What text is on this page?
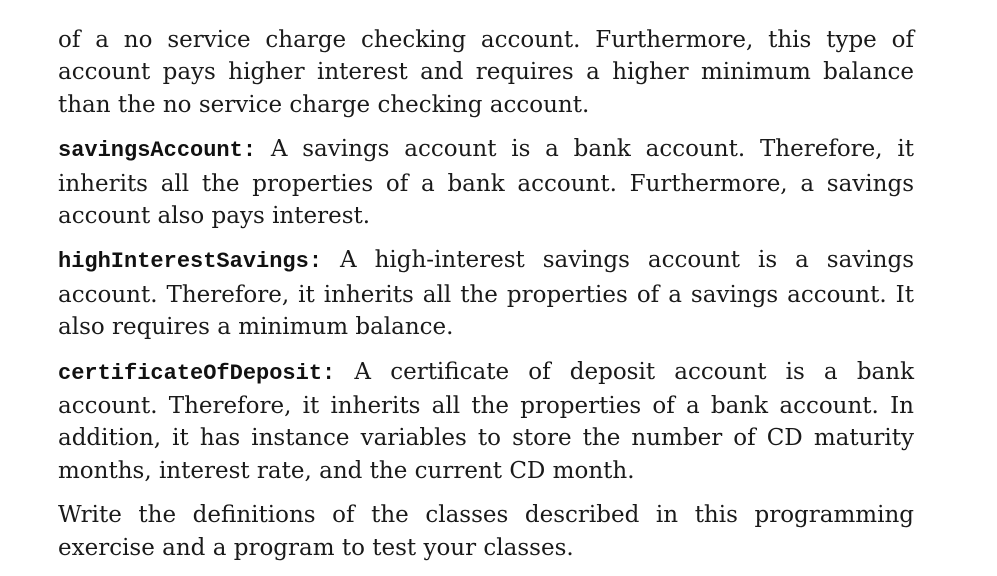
of a no service charge checking account. Furthermore, this type of account pays higher interest and requires a higher minimum balance than the no service charge checking account.

savingsAccount: A savings account is a bank account. Therefore, it inherits all the properties of a bank account. Furthermore, a savings account also pays interest.

highInterestSavings: A high-interest savings account is a savings account. Therefore, it inherits all the properties of a savings account. It also requires a minimum balance.

certificateOfDeposit: A certificate of deposit account is a bank account. Therefore, it inherits all the properties of a bank account. In addition, it has instance variables to store the number of CD maturity months, interest rate, and the current CD month.

Write the definitions of the classes described in this programming exercise and a program to test your classes.
